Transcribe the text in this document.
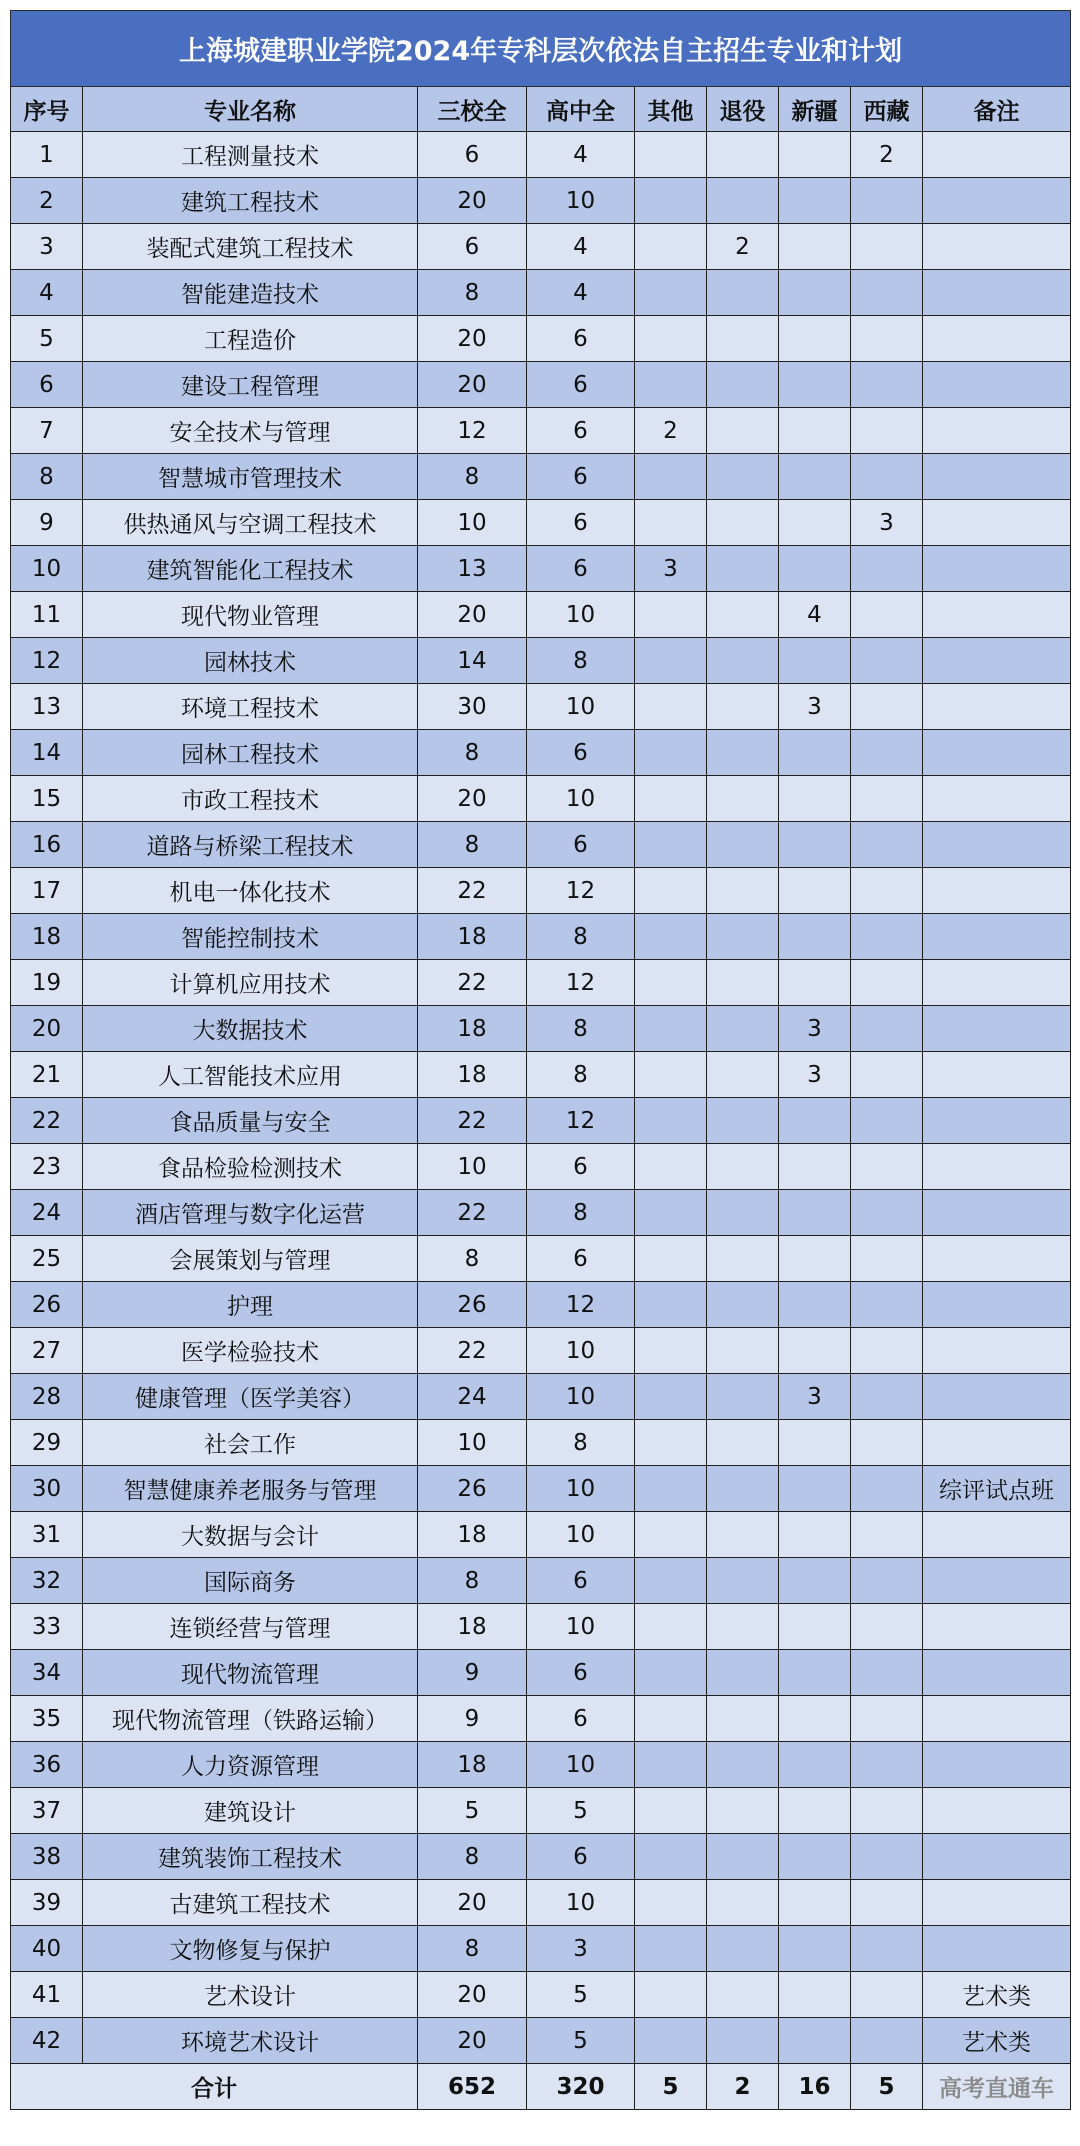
上海城建职业学院2024年专科层次依法自主招生专业和计划								
序号	专业名称	三校全	高中全	其他	退役	新疆	西藏	备注
1	工程测量技术	6	4				2	
2	建筑工程技术	20	10					
3	装配式建筑工程技术	6	4		2			
4	智能建造技术	8	4					
5	工程造价	20	6					
6	建设工程管理	20	6					
7	安全技术与管理	12	6	2				
8	智慧城市管理技术	8	6					
9	供热通风与空调工程技术	10	6				3	
10	建筑智能化工程技术	13	6	3				
11	现代物业管理	20	10			4		
12	园林技术	14	8					
13	环境工程技术	30	10			3		
14	园林工程技术	8	6					
15	市政工程技术	20	10					
16	道路与桥梁工程技术	8	6					
17	机电一体化技术	22	12					
18	智能控制技术	18	8					
19	计算机应用技术	22	12					
20	大数据技术	18	8			3		
21	人工智能技术应用	18	8			3		
22	食品质量与安全	22	12					
23	食品检验检测技术	10	6					
24	酒店管理与数字化运营	22	8					
25	会展策划与管理	8	6					
26	护理	26	12					
27	医学检验技术	22	10					
28	健康管理（医学美容）	24	10			3		
29	社会工作	10	8					
30	智慧健康养老服务与管理	26	10					综评试点班
31	大数据与会计	18	10					
32	国际商务	8	6					
33	连锁经营与管理	18	10					
34	现代物流管理	9	6					
35	现代物流管理（铁路运输）	9	6					
36	人力资源管理	18	10					
37	建筑设计	5	5					
38	建筑装饰工程技术	8	6					
39	古建筑工程技术	20	10					
40	文物修复与保护	8	3					
41	艺术设计	20	5					艺术类
42	环境艺术设计	20	5					艺术类
合计		652	320	5	2	16	5	高考直通车
